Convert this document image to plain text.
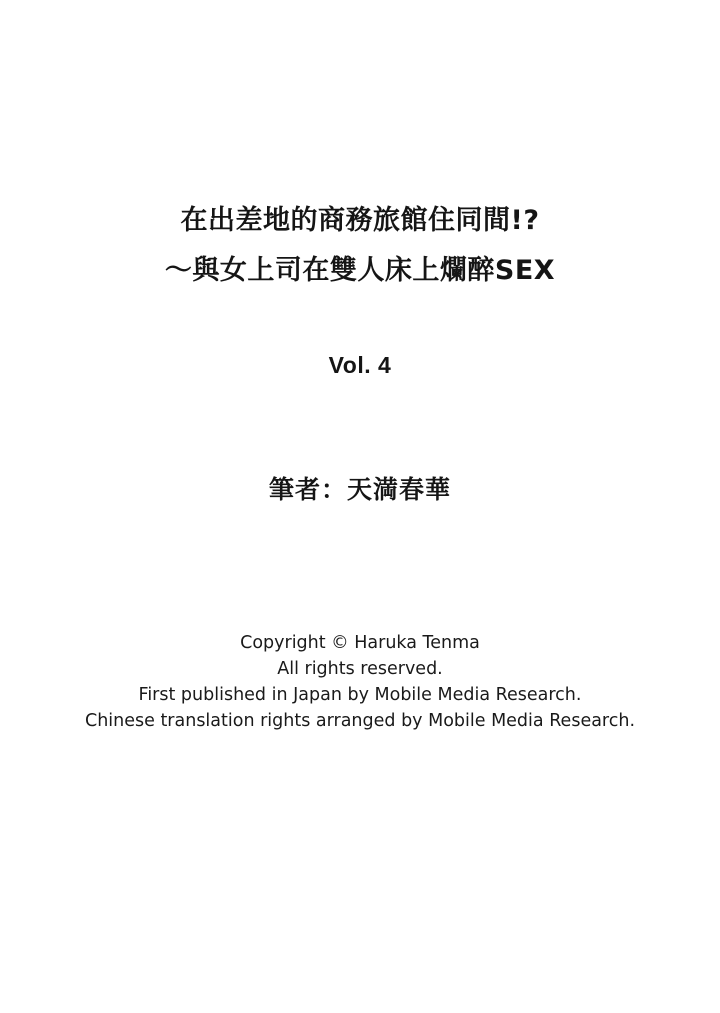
在出差地的商務旅館住同間!?
～與女上司在雙人床上爛醉SEX
Vol. 4
筆者：天満春華
Copyright © Haruka Tenma
All rights reserved.
First published in Japan by Mobile Media Research.
Chinese translation rights arranged by Mobile Media Research.
